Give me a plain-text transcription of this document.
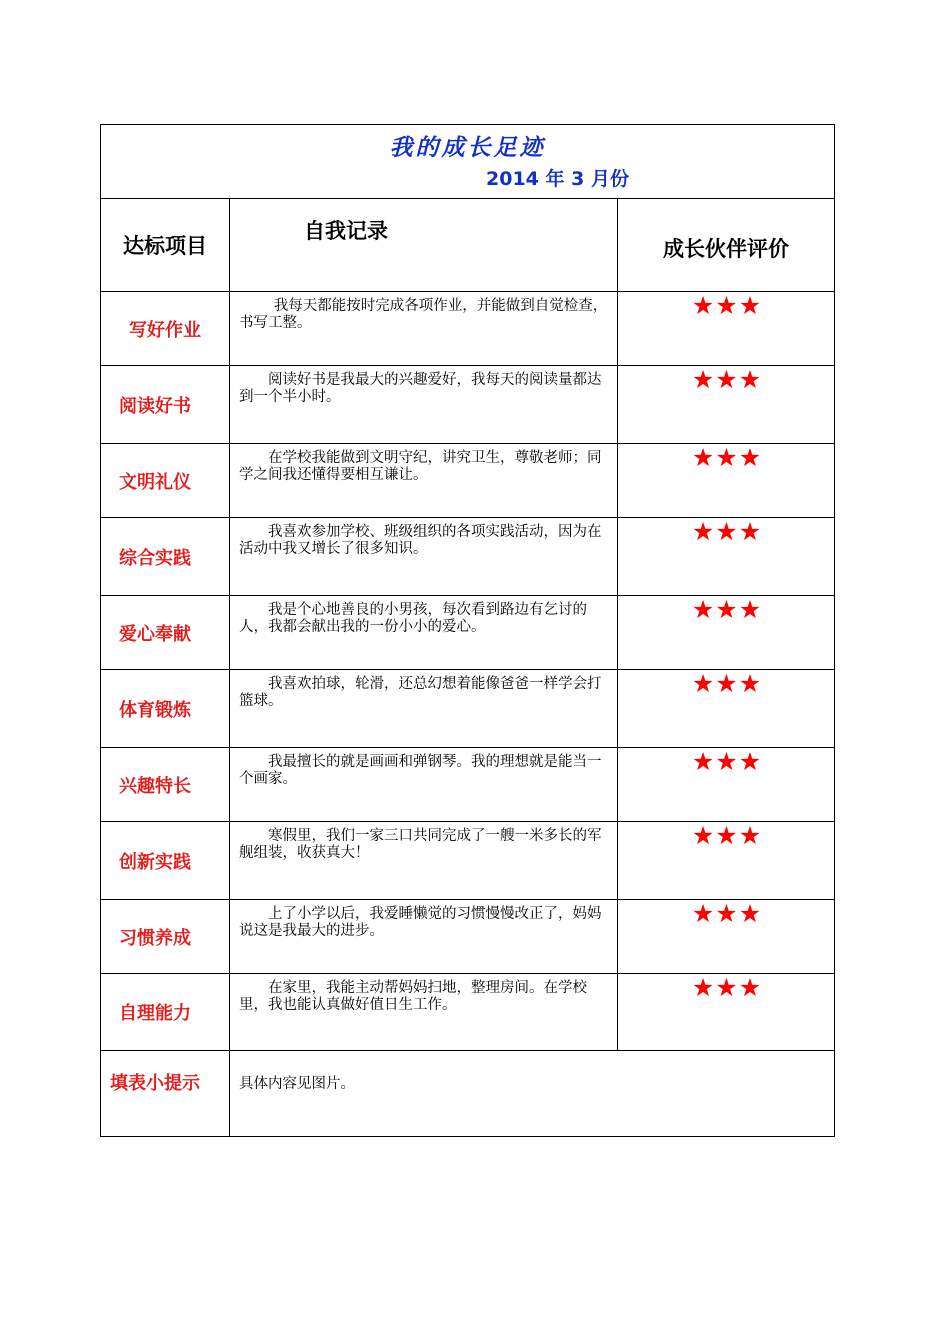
我的成长足迹
2014 年 3 月份		

达标项目	自我记录	成长伙伴评价
写好作业	我每天都能按时完成各项作业，并能做到自觉检查，书写工整。	★★★
阅读好书	阅读好书是我最大的兴趣爱好，我每天的阅读量都达到一个半小时。	★★★
文明礼仪	在学校我能做到文明守纪，讲究卫生，尊敬老师；同学之间我还懂得要相互谦让。	★★★
综合实践	我喜欢参加学校、班级组织的各项实践活动，因为在活动中我又增长了很多知识。	★★★
爱心奉献	我是个心地善良的小男孩，每次看到路边有乞讨的人，我都会献出我的一份小小的爱心。	★★★
体育锻炼	我喜欢拍球，轮滑，还总幻想着能像爸爸一样学会打篮球。	★★★
兴趣特长	我最擅长的就是画画和弹钢琴。我的理想就是能当一个画家。	★★★
创新实践	寒假里，我们一家三口共同完成了一艘一米多长的军舰组装，收获真大！	★★★
习惯养成	上了小学以后，我爱睡懒觉的习惯慢慢改正了，妈妈说这是我最大的进步。	★★★
自理能力	在家里，我能主动帮妈妈扫地，整理房间。在学校里，我也能认真做好值日生工作。	★★★
填表小提示	具体内容见图片。	
